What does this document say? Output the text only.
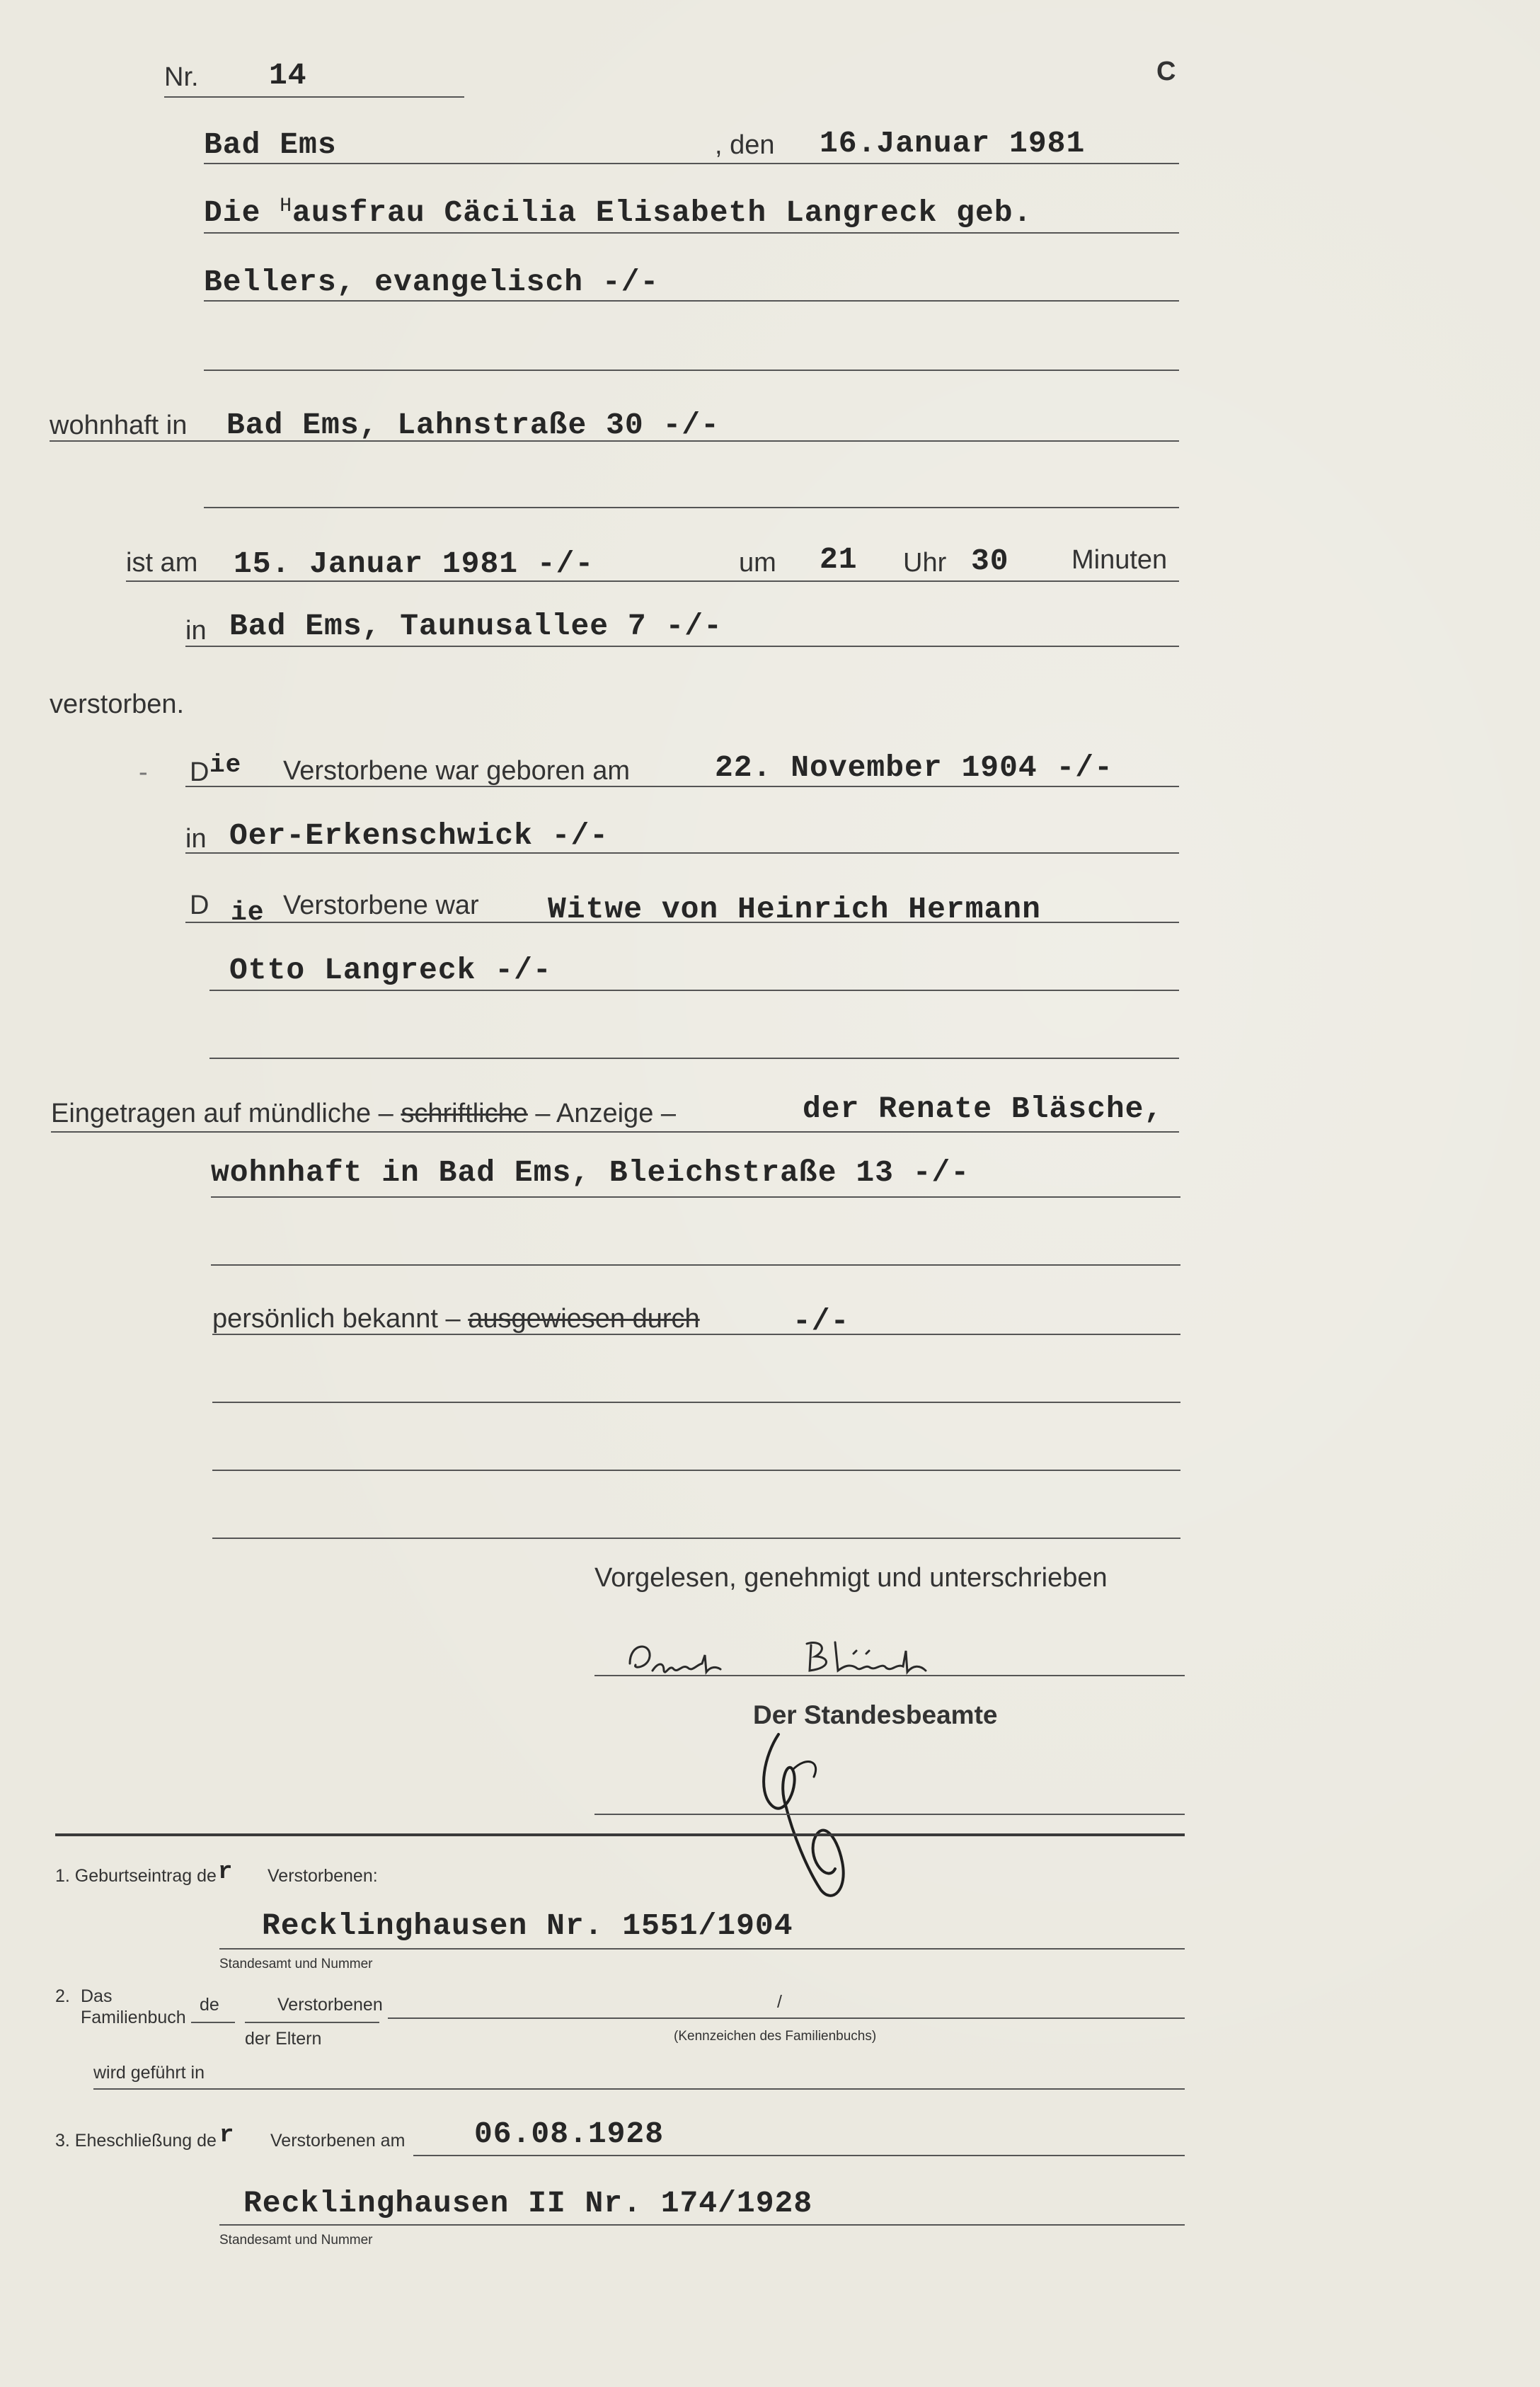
Nr. 14	C
Bad Ems	, den 16.Januar 1981
Die $^H$ausfrau Cäcilia Elisabeth Langreck geb.
Bellers, evangelisch -/-
wohnhaft in Bad Ems, Lahnstraße 30 -/-
ist am 15. Januar 1981 -/-	um 21 Uhr 30 Minuten
in Bad Ems, Taunusallee 7 -/-
verstorben.
- D ie Verstorbene war geboren am	22. November 1904 -/-
in Oer-Erkenschwick -/-
D ie Verstorbene war Witwe von Heinrich Hermann
Otto Langreck -/-
Eingetragen auf mündliche – schriftliche – Anzeige –	der Renate Bläsche,
wohnhaft in Bad Ems, Bleichstraße 13 -/-
persönlich bekannt – ausgewiesen durch	-/-
Vorgelesen, genehmigt und unterschrieben
Der Standesbeamte
1. Geburtseintrag de r Verstorbenen:
Recklinghausen Nr. 1551/1904
Standesamt und Nummer
2. Das
Familienbuch
de	Verstorbenen
der Eltern
/
(Kennzeichen des Familienbuchs)
wird geführt in
3. Eheschließung de r Verstorbenen am 06.08.1928
Recklinghausen II Nr. 174/1928
Standesamt und Nummer
